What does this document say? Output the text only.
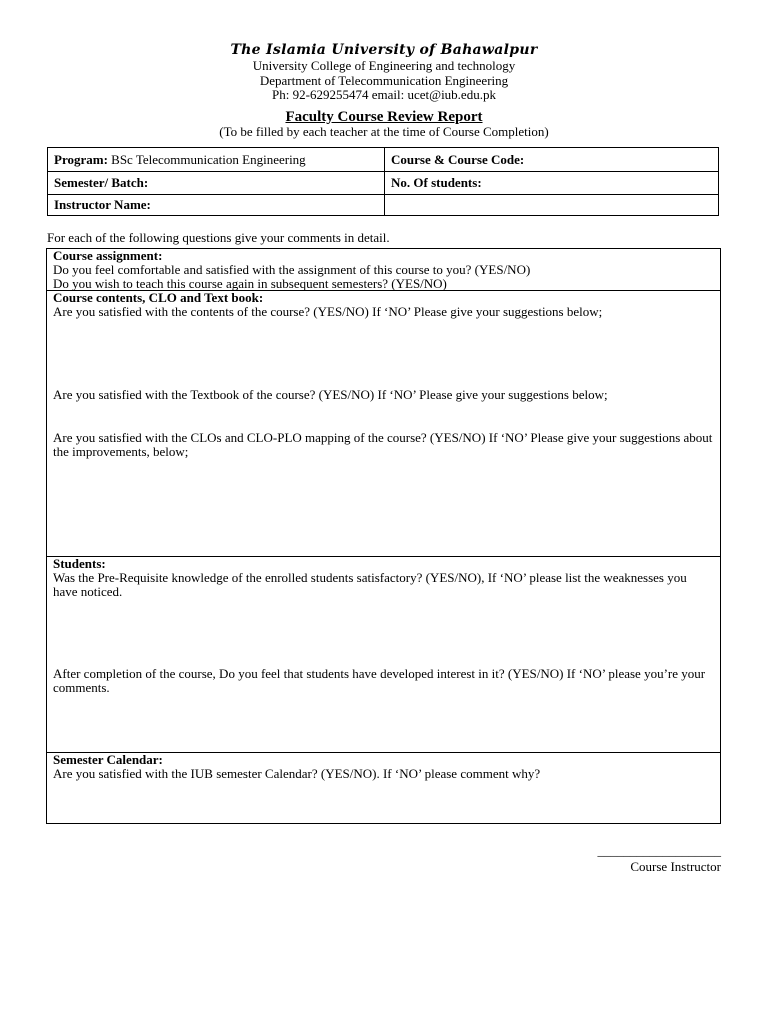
The Islamia University of Bahawalpur
University College of Engineering and technology
Department of Telecommunication Engineering
Ph: 92-629255474 email: ucet@iub.edu.pk
Faculty Course Review Report
(To be filled by each teacher at the time of Course Completion)
Program: BSc Telecommunication Engineering	Course & Course Code:
Semester/ Batch:	No. Of students:
Instructor Name:	
For each of the following questions give your comments in detail.
Course assignment:
Do you feel comfortable and satisfied with the assignment of this course to you? (YES/NO)
Do you wish to teach this course again in subsequent semesters? (YES/NO)
Course contents, CLO and Text book:
Are you satisfied with the contents of the course? (YES/NO) If ‘NO’ Please give your suggestions below;
Are you satisfied with the Textbook of the course? (YES/NO) If ‘NO’ Please give your suggestions below;
Are you satisfied with the CLOs and CLO-PLO mapping of the course? (YES/NO) If ‘NO’ Please give your suggestions about the improvements, below;
Students:
Was the Pre-Requisite knowledge of the enrolled students satisfactory? (YES/NO), If ‘NO’ please list the weaknesses you have noticed.
After completion of the course, Do you feel that students have developed interest in it? (YES/NO) If ‘NO’ please you’re your comments.
Semester Calendar:
Are you satisfied with the IUB semester Calendar? (YES/NO). If ‘NO’ please comment why?
___________________
Course Instructor
